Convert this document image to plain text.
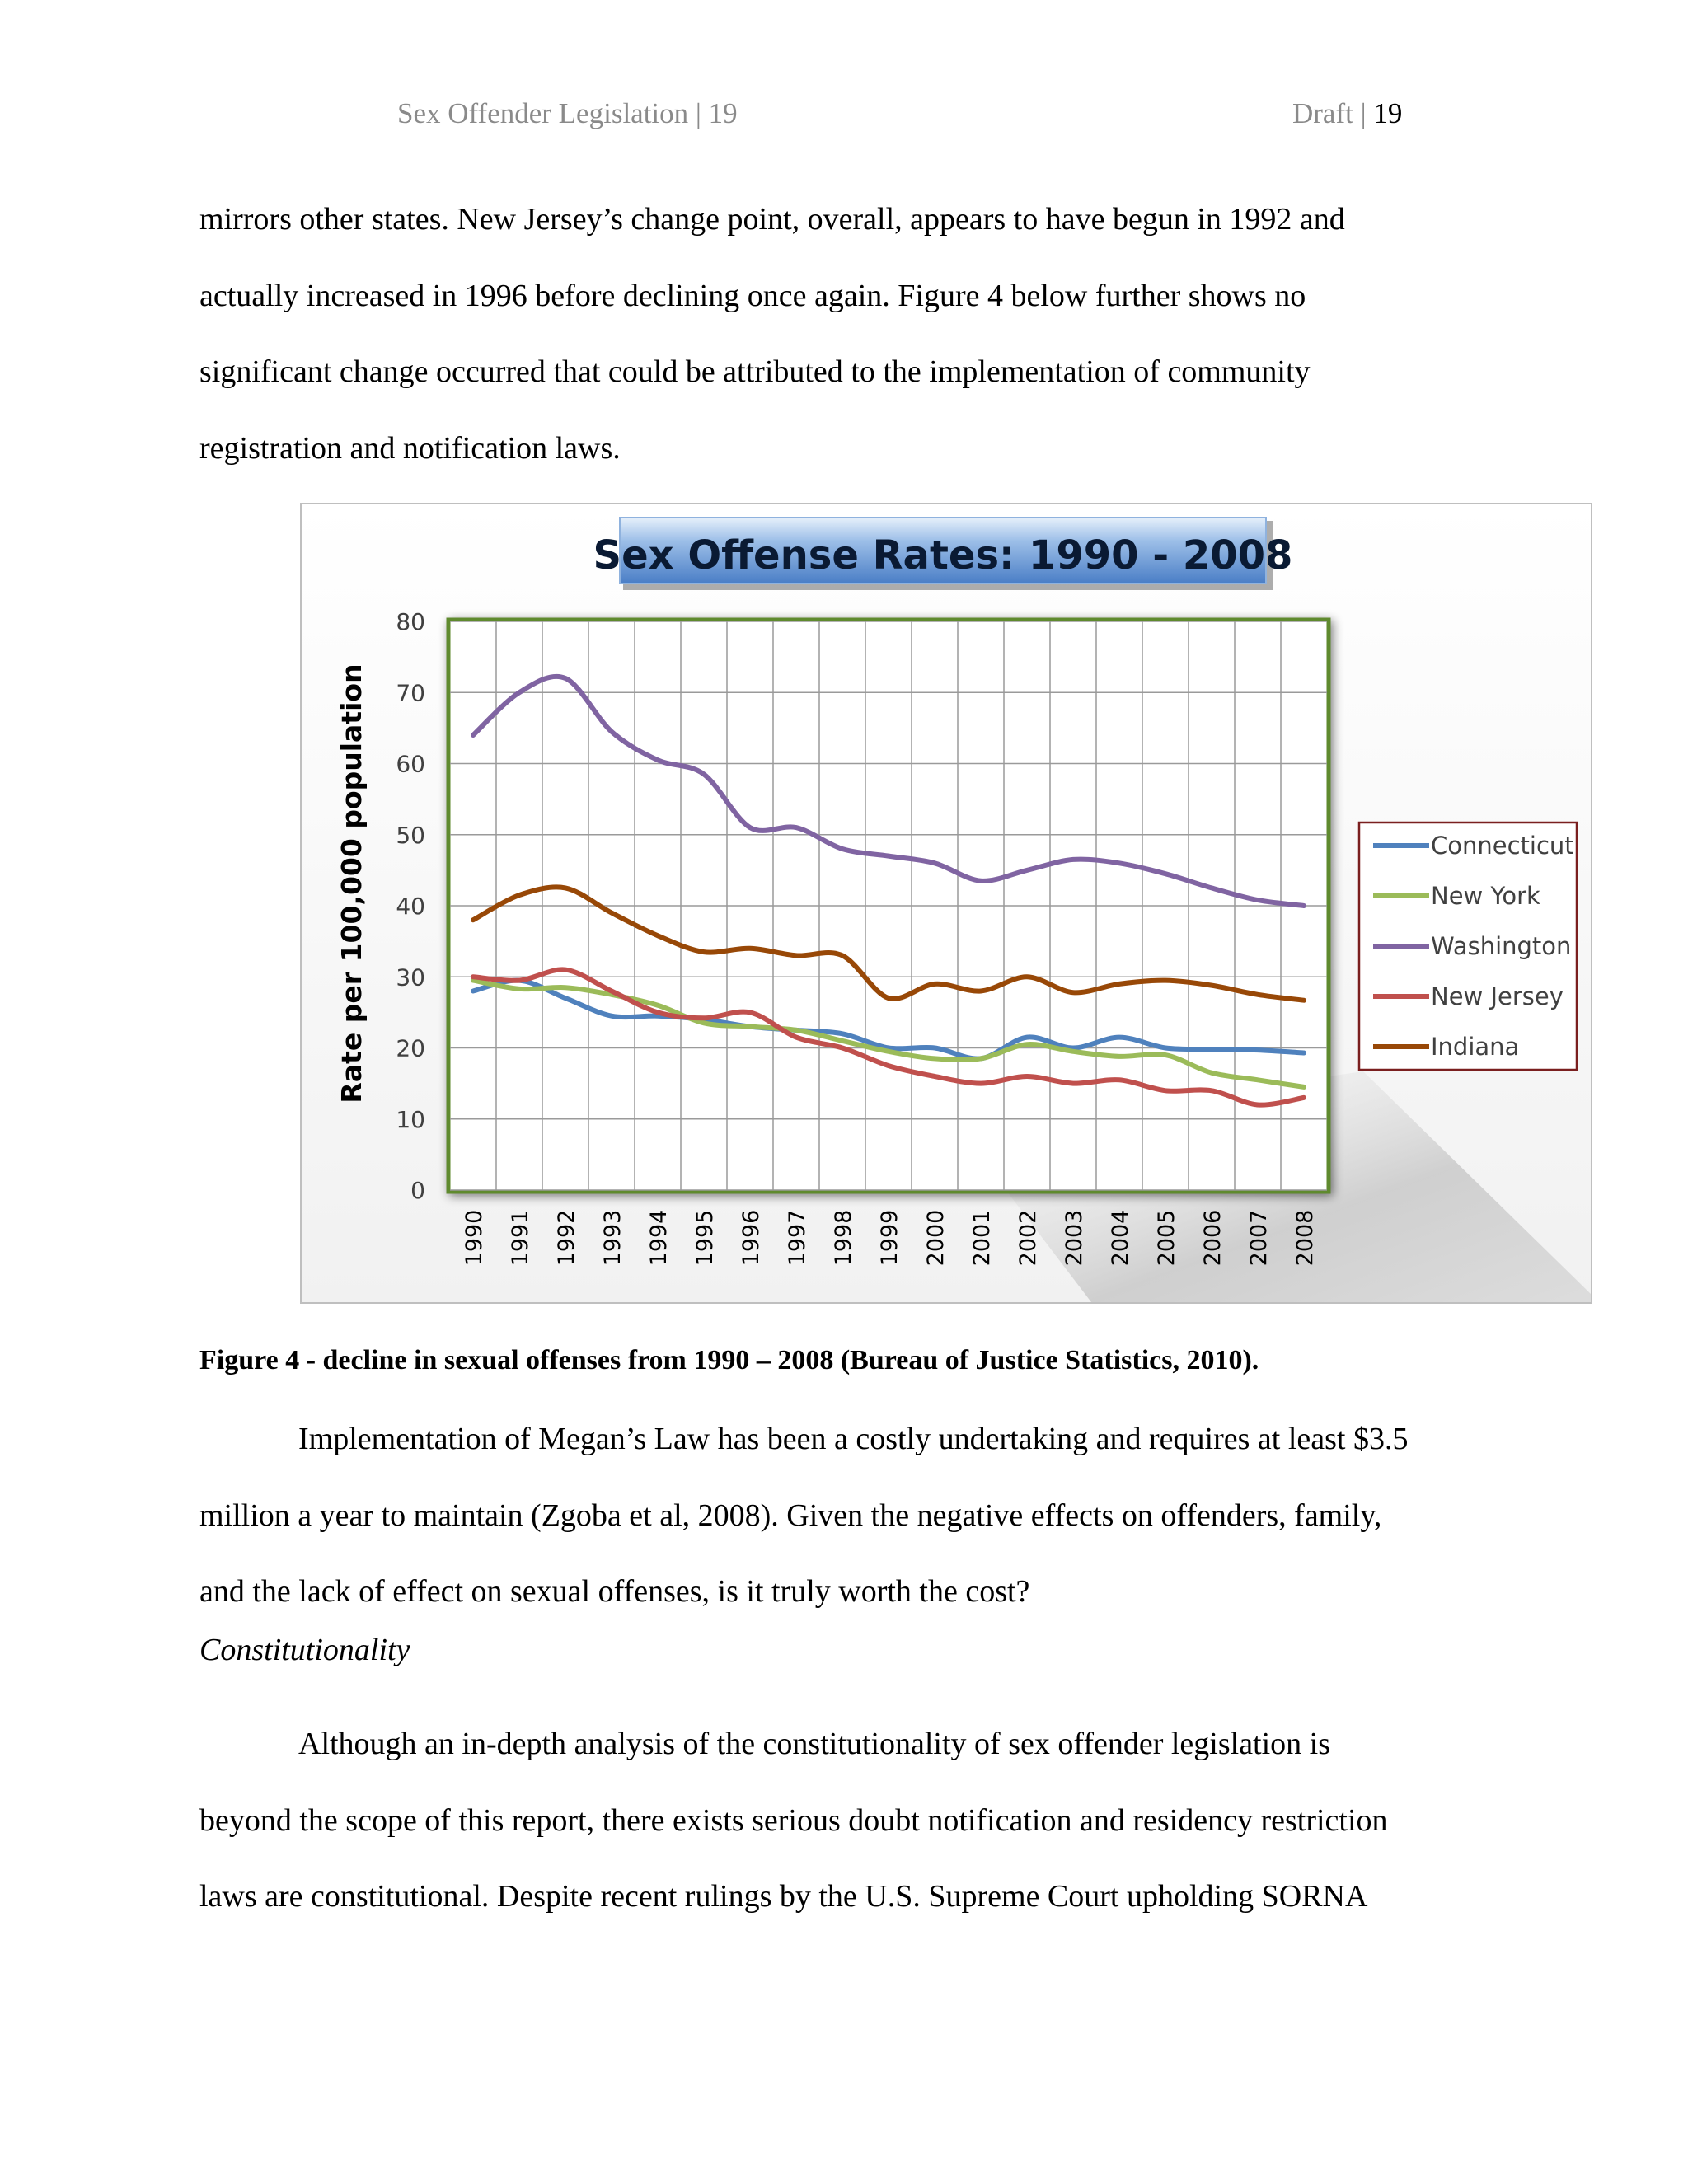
Sex Offender Legislation | 19	Draft | 19
mirrors other states. New Jersey’s change point, overall, appears to have begun in 1992 and
actually increased in 1996 before declining once again. Figure 4 below further shows no
significant change occurred that could be attributed to the implementation of community
registration and notification laws.
Sex Offense Rates: 1990 - 2008
Rate per 100,000 population
0
10
20
30
40
50
60
70
80
1990 1991 1992 1993 1994 1995 1996 1997 1998 1999 2000 2001 2002 2003 2004 2005 2006 2007 2008
Connecticut
New York
Washington
New Jersey
Indiana
Figure 4 - decline in sexual offenses from 1990 – 2008 (Bureau of Justice Statistics, 2010).
Implementation of Megan’s Law has been a costly undertaking and requires at least $3.5
million a year to maintain (Zgoba et al, 2008). Given the negative effects on offenders, family,
and the lack of effect on sexual offenses, is it truly worth the cost?
Constitutionality
Although an in-depth analysis of the constitutionality of sex offender legislation is
beyond the scope of this report, there exists serious doubt notification and residency restriction
laws are constitutional. Despite recent rulings by the U.S. Supreme Court upholding SORNA
